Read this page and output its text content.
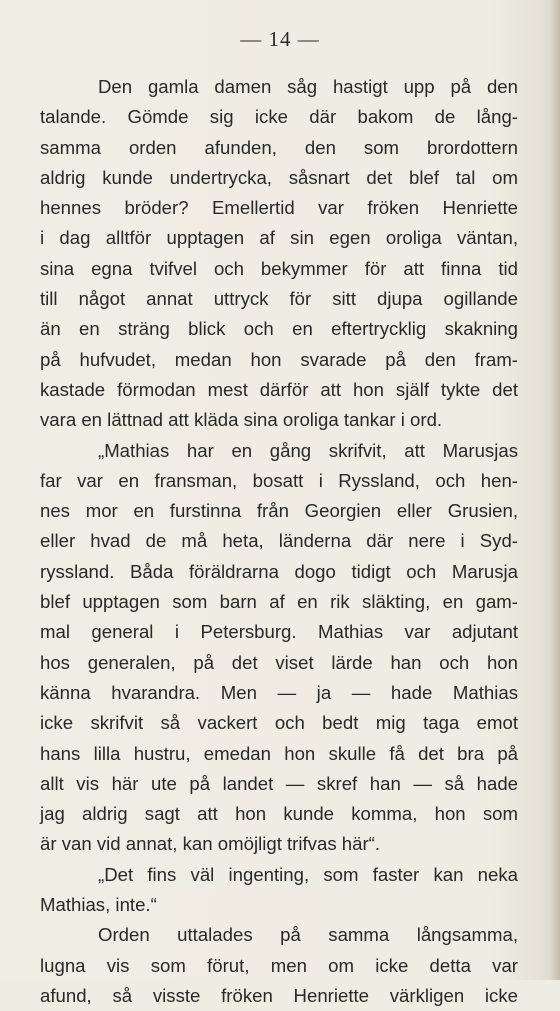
— 14 —
Den gamla damen såg hastigt upp på den
talande. Gömde sig icke där bakom de lång-
samma orden afunden, den som brordottern
aldrig kunde undertrycka, såsnart det blef tal om
hennes bröder? Emellertid var fröken Henriette
i dag alltför upptagen af sin egen oroliga väntan,
sina egna tvifvel och bekymmer för att finna tid
till något annat uttryck för sitt djupa ogillande
än en sträng blick och en eftertrycklig skakning
på hufvudet, medan hon svarade på den fram-
kastade förmodan mest därför att hon själf tykte det
vara en lättnad att kläda sina oroliga tankar i ord.
„Mathias har en gång skrifvit, att Marusjas
far var en fransman, bosatt i Ryssland, och hen-
nes mor en furstinna från Georgien eller Grusien,
eller hvad de må heta, länderna där nere i Syd-
ryssland. Båda föräldrarna dogo tidigt och Marusja
blef upptagen som barn af en rik släkting, en gam-
mal general i Petersburg. Mathias var adjutant
hos generalen, på det viset lärde han och hon
känna hvarandra. Men — ja — hade Mathias
icke skrifvit så vackert och bedt mig taga emot
hans lilla hustru, emedan hon skulle få det bra på
allt vis här ute på landet — skref han — så hade
jag aldrig sagt att hon kunde komma, hon som
är van vid annat, kan omöjligt trifvas här“.
„Det fins väl ingenting, som faster kan neka
Mathias, inte.“
Orden uttalades på samma långsamma,
lugna vis som förut, men om icke detta var
afund, så visste fröken Henriette värkligen icke
